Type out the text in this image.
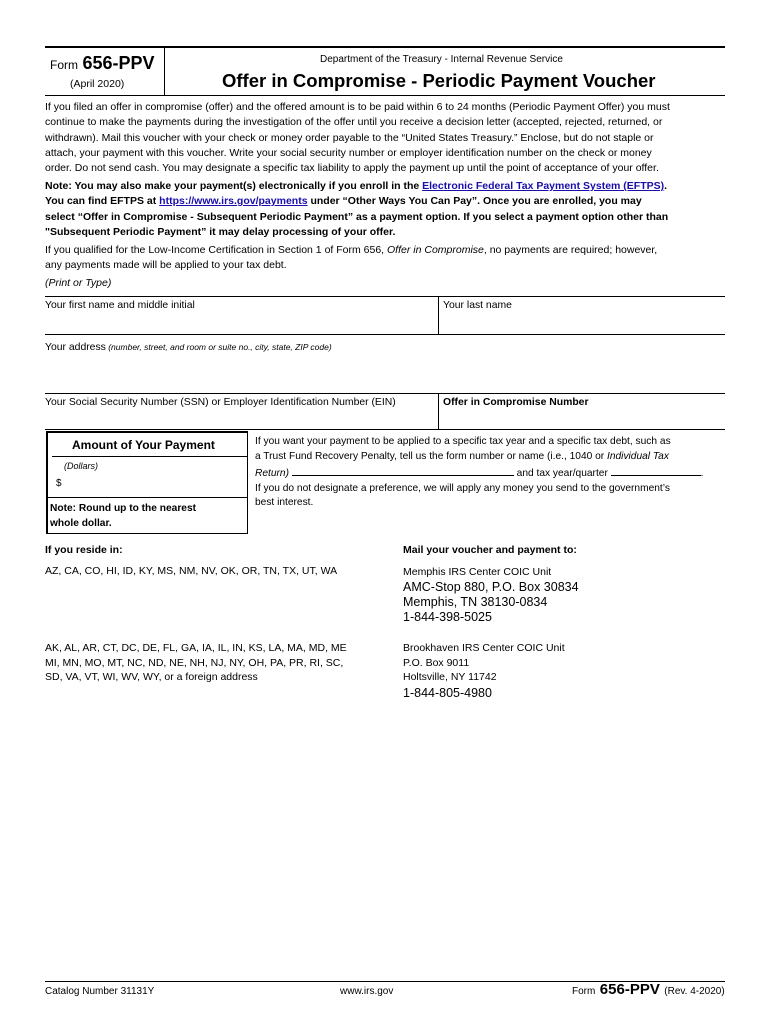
Form 656-PPV
(April 2020)
Department of the Treasury - Internal Revenue Service
Offer in Compromise - Periodic Payment Voucher
If you filed an offer in compromise (offer) and the offered amount is to be paid within 6 to 24 months (Periodic Payment Offer) you must
continue to make the payments during the investigation of the offer until you receive a decision letter (accepted, rejected, returned, or
withdrawn). Mail this voucher with your check or money order payable to the “United States Treasury.” Enclose, but do not staple or
attach, your payment with this voucher. Write your social security number or employer identification number on the check or money
order. Do not send cash. You may designate a specific tax liability to apply the payment up until the point of acceptance of your offer.
Note: You may also make your payment(s) electronically if you enroll in the Electronic Federal Tax Payment System (EFTPS).
You can find EFTPS at https://www.irs.gov/payments under “Other Ways You Can Pay”. Once you are enrolled, you may
select “Offer in Compromise - Subsequent Periodic Payment” as a payment option. If you select a payment option other than
"Subsequent Periodic Payment” it may delay processing of your offer.
If you qualified for the Low-Income Certification in Section 1 of Form 656, Offer in Compromise, no payments are required; however,
any payments made will be applied to your tax debt.
(Print or Type)
Your first name and middle initial	Your last name
Your address (number, street, and room or suite no., city, state, ZIP code)
Your Social Security Number (SSN) or Employer Identification Number (EIN)	Offer in Compromise Number
Amount of Your Payment
(Dollars)
$
Note: Round up to the nearest
whole dollar.
If you want your payment to be applied to a specific tax year and a specific tax debt, such as
a Trust Fund Recovery Penalty, tell us the form number or name (i.e., 1040 or Individual Tax
Return)	and tax year/quarter	.
If you do not designate a preference, we will apply any money you send to the government’s
best interest.
If you reside in:	Mail your voucher and payment to:
AZ, CA, CO, HI, ID, KY, MS, NM, NV, OK, OR, TN, TX, UT, WA	Memphis IRS Center COIC Unit
AMC-Stop 880, P.O. Box 30834
Memphis, TN 38130-0834
1-844-398-5025
AK, AL, AR, CT, DC, DE, FL, GA, IA, IL, IN, KS, LA, MA, MD, ME
MI, MN, MO, MT, NC, ND, NE, NH, NJ, NY, OH, PA, PR, RI, SC,
SD, VA, VT, WI, WV, WY, or a foreign address
Brookhaven IRS Center COIC Unit
P.O. Box 9011
Holtsville, NY 11742
1-844-805-4980
Catalog Number 31131Y	www.irs.gov	Form 656-PPV (Rev. 4-2020)
